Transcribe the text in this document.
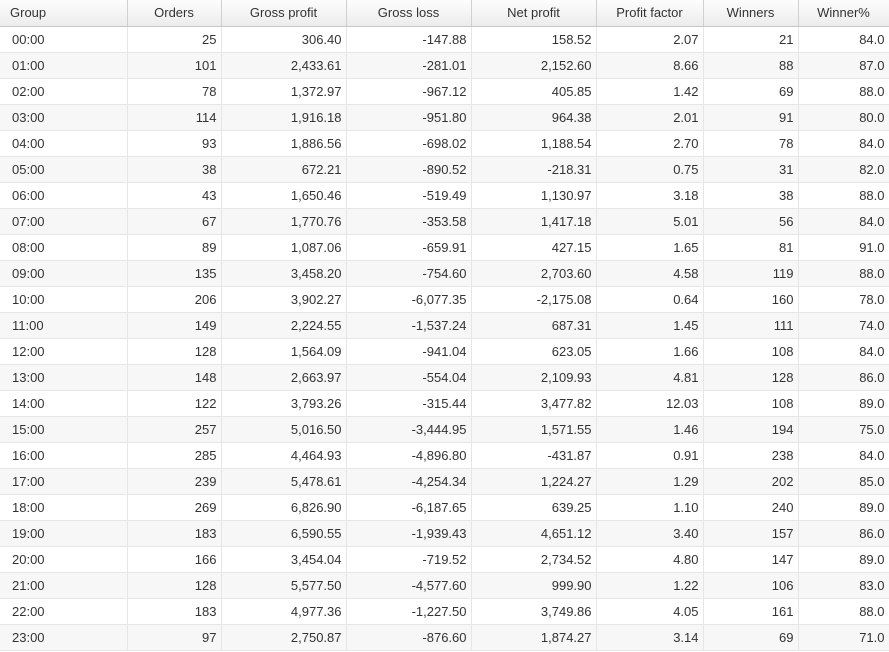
Group	Orders	Gross profit	Gross loss	Net profit	Profit factor	Winners	Winner%
00:00	25	306.40	-147.88	158.52	2.07	21	84.0
01:00	101	2,433.61	-281.01	2,152.60	8.66	88	87.0
02:00	78	1,372.97	-967.12	405.85	1.42	69	88.0
03:00	114	1,916.18	-951.80	964.38	2.01	91	80.0
04:00	93	1,886.56	-698.02	1,188.54	2.70	78	84.0
05:00	38	672.21	-890.52	-218.31	0.75	31	82.0
06:00	43	1,650.46	-519.49	1,130.97	3.18	38	88.0
07:00	67	1,770.76	-353.58	1,417.18	5.01	56	84.0
08:00	89	1,087.06	-659.91	427.15	1.65	81	91.0
09:00	135	3,458.20	-754.60	2,703.60	4.58	119	88.0
10:00	206	3,902.27	-6,077.35	-2,175.08	0.64	160	78.0
11:00	149	2,224.55	-1,537.24	687.31	1.45	111	74.0
12:00	128	1,564.09	-941.04	623.05	1.66	108	84.0
13:00	148	2,663.97	-554.04	2,109.93	4.81	128	86.0
14:00	122	3,793.26	-315.44	3,477.82	12.03	108	89.0
15:00	257	5,016.50	-3,444.95	1,571.55	1.46	194	75.0
16:00	285	4,464.93	-4,896.80	-431.87	0.91	238	84.0
17:00	239	5,478.61	-4,254.34	1,224.27	1.29	202	85.0
18:00	269	6,826.90	-6,187.65	639.25	1.10	240	89.0
19:00	183	6,590.55	-1,939.43	4,651.12	3.40	157	86.0
20:00	166	3,454.04	-719.52	2,734.52	4.80	147	89.0
21:00	128	5,577.50	-4,577.60	999.90	1.22	106	83.0
22:00	183	4,977.36	-1,227.50	3,749.86	4.05	161	88.0
23:00	97	2,750.87	-876.60	1,874.27	3.14	69	71.0
